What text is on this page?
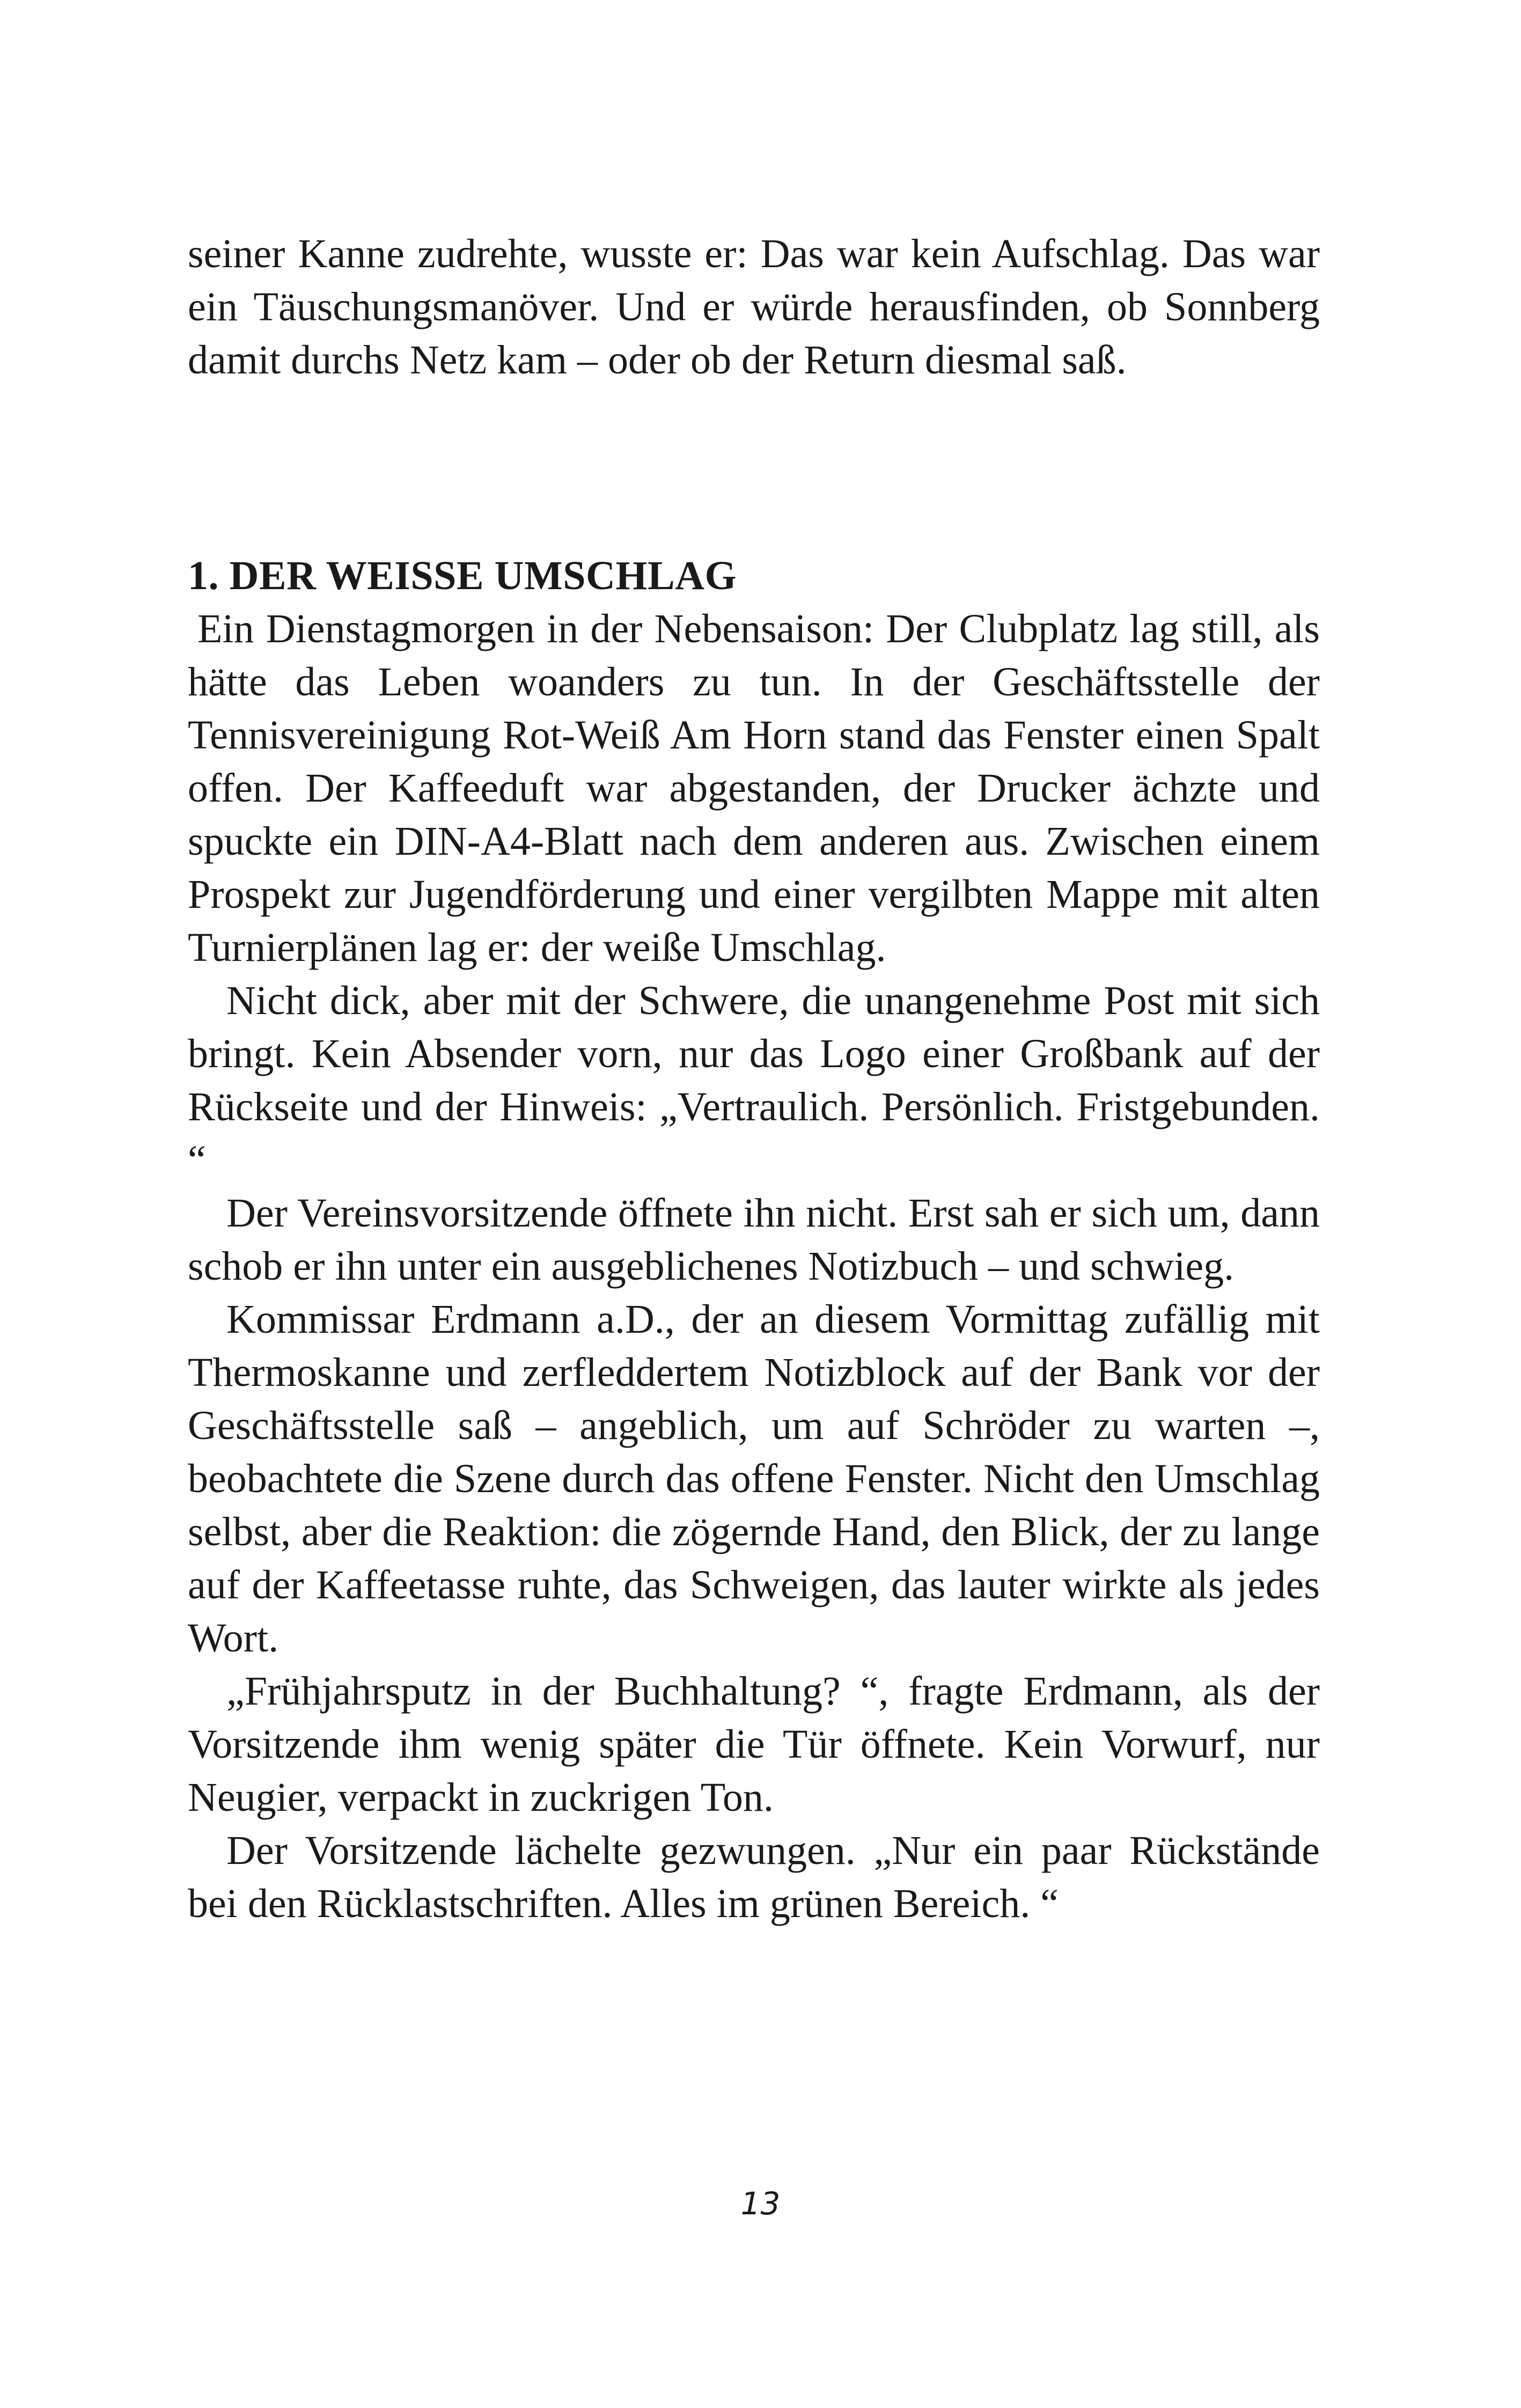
seiner Kanne zudrehte, wusste er: Das war kein Aufschlag. Das war ein Täuschungsmanöver. Und er würde herausfinden, ob Sonnberg damit durchs Netz kam – oder ob der Return diesmal saß.

1. DER WEISSE UMSCHLAG

Ein Dienstagmorgen in der Nebensaison: Der Clubplatz lag still, als hätte das Leben woanders zu tun. In der Geschäftsstelle der Tennisvereinigung Rot-Weiß Am Horn stand das Fenster einen Spalt offen. Der Kaffeeduft war abgestanden, der Drucker ächzte und spuckte ein DIN-A4-Blatt nach dem anderen aus. Zwischen einem Prospekt zur Jugendförderung und einer vergilbten Mappe mit alten Turnierplänen lag er: der weiße Umschlag.

Nicht dick, aber mit der Schwere, die unangenehme Post mit sich bringt. Kein Absender vorn, nur das Logo einer Großbank auf der Rückseite und der Hinweis: „Vertraulich. Persönlich. Fristgebunden. “

Der Vereinsvorsitzende öffnete ihn nicht. Erst sah er sich um, dann schob er ihn unter ein ausgeblichenes Notizbuch – und schwieg.

Kommissar Erdmann a.D., der an diesem Vormittag zufällig mit Thermoskanne und zerfleddertem Notizblock auf der Bank vor der Geschäftsstelle saß – angeblich, um auf Schröder zu warten –, beobachtete die Szene durch das offene Fenster. Nicht den Umschlag selbst, aber die Reaktion: die zögernde Hand, den Blick, der zu lange auf der Kaffeetasse ruhte, das Schweigen, das lauter wirkte als jedes Wort.

„Frühjahrsputz in der Buchhaltung? “, fragte Erdmann, als der Vorsitzende ihm wenig später die Tür öffnete. Kein Vorwurf, nur Neugier, verpackt in zuckrigen Ton.

Der Vorsitzende lächelte gezwungen. „Nur ein paar Rückstände bei den Rücklastschriften. Alles im grünen Bereich. “

13
